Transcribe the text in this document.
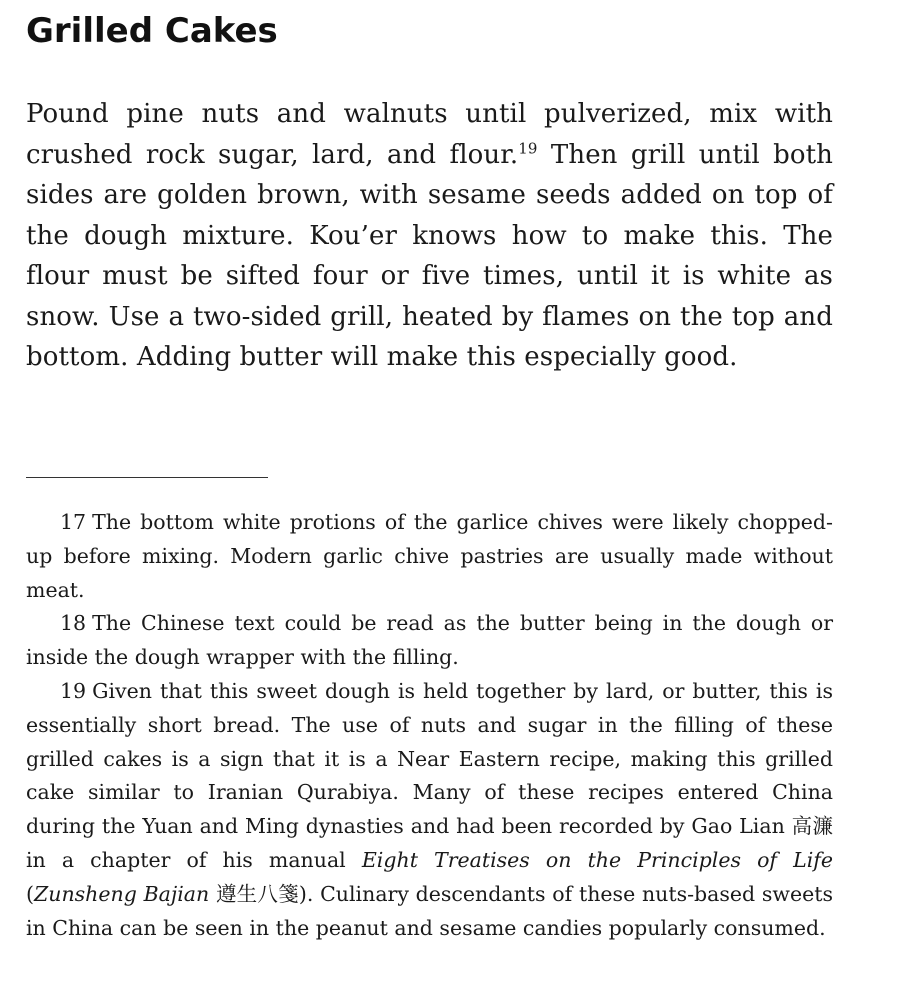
Grilled Cakes

Pound pine nuts and walnuts until pulverized, mix with crushed rock sugar, lard, and flour.$^{19}$ Then grill until both sides are golden brown, with sesame seeds added on top of the dough mixture. Kou’er knows how to make this. The flour must be sifted four or five times, until it is white as snow. Use a two-sided grill, heated by flames on the top and bottom. Adding butter will make this especially good.

17 The bottom white protions of the garlice chives were likely chopped-up before mixing. Modern garlic chive pastries are usually made without meat.

18 The Chinese text could be read as the butter being in the dough or inside the dough wrapper with the filling.

19 Given that this sweet dough is held together by lard, or butter, this is essentially short bread. The use of nuts and sugar in the filling of these grilled cakes is a sign that it is a Near Eastern recipe, making this grilled cake similar to Iranian Qurabiya. Many of these recipes entered China during the Yuan and Ming dynasties and had been recorded by Gao Lian 高濂 in a chapter of his manual Eight Treatises on the Principles of Life (Zunsheng Bajian 遵生八箋). Culinary descendants of these nuts-based sweets in China can be seen in the peanut and sesame candies popularly consumed.
